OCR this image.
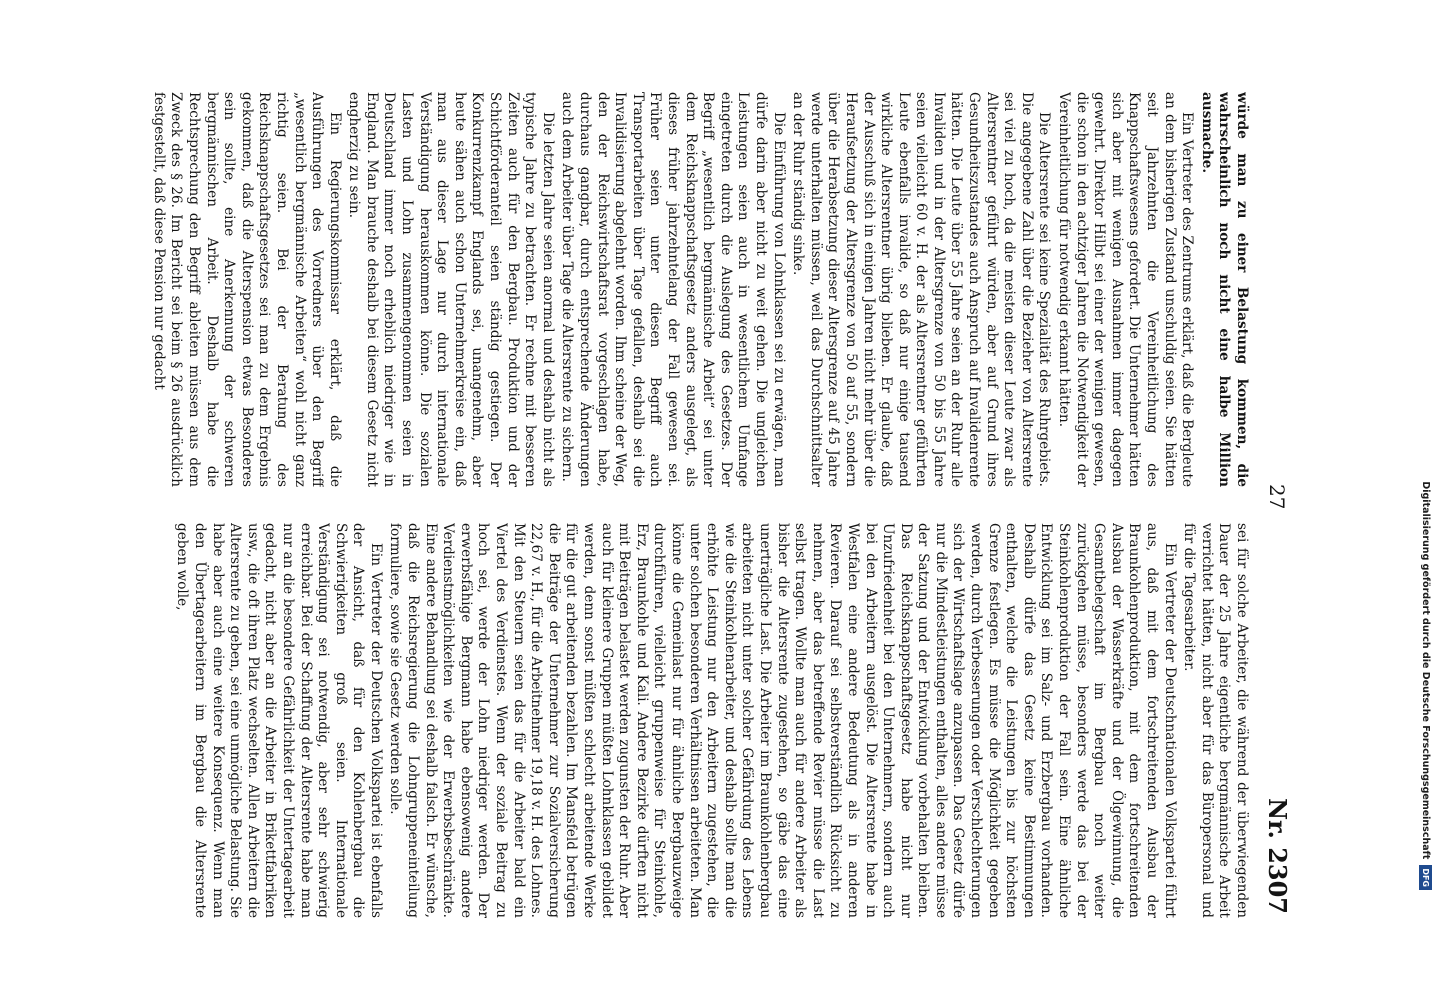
27
Nr. 2307

würde man zu einer Belastung kommen, die wahrscheinlich noch nicht eine halbe Million ausmache.

Ein Vertreter des Zentrums erklärt, daß die Bergleute an dem bisherigen Zustand unschuldig seien. Sie hätten seit Jahrzehnten die Vereinheitlichung des Knappschaftswesens gefordert. Die Unternehmer hätten sich aber mit wenigen Ausnahmen immer dagegen gewehrt. Direktor Hilbt sei einer der wenigen gewesen, die schon in den achtziger Jahren die Notwendigkeit der Vereinheitlichung für notwendig erkannt hätten.

Die Altersrente sei keine Spezialität des Ruhrgebiets. Die angegebene Zahl über die Bezieher von Altersrente sei viel zu hoch, da die meisten dieser Leute zwar als Altersrentner geführt würden, aber auf Grund ihres Gesundheitszustandes auch Anspruch auf Invalidenrente hätten. Die Leute über 55 Jahre seien an der Ruhr alle Invaliden und in der Altersgrenze von 50 bis 55 Jahre seien vielleicht 60 v. H. der als Altersrentner geführten Leute ebenfalls invalide, so daß nur einige tausend wirkliche Altersrentner übrig blieben. Er glaube, daß der Ausschuß sich in einigen Jahren nicht mehr über die Heraufsetzung der Altersgrenze von 50 auf 55, sondern über die Herabsetzung dieser Altersgrenze auf 45 Jahre werde unterhalten müssen, weil das Durchschnittsalter an der Ruhr ständig sinke.

Die Einführung von Lohnklassen sei zu erwägen, man dürfe darin aber nicht zu weit gehen. Die ungleichen Leistungen seien auch in wesentlichem Umfange eingetreten durch die Auslegung des Gesetzes. Der Begriff „wesentlich bergmännische Arbeit“ sei unter dem Reichsknappschaftsgesetz anders ausgelegt, als dieses früher jahrzehntelang der Fall gewesen sei. Früher seien unter diesen Begriff auch Transportarbeiten über Tage gefallen, deshalb sei die Invalidisierung abgelehnt worden. Ihm scheine der Weg, den der Reichswirtschaftsrat vorgeschlagen habe, durchaus gangbar, durch entsprechende Änderungen auch dem Arbeiter über Tage die Altersrente zu sichern.

Die letzten Jahre seien anormal und deshalb nicht als typische Jahre zu betrachten. Er rechne mit besseren Zeiten auch für den Bergbau. Produktion und der Schichtförderanteil seien ständig gestiegen. Der Konkurrenzkampf Englands sei, unangenehm, aber heute sähen auch schon Unternehmerkreise ein, daß man aus dieser Lage nur durch internationale Verständigung herauskommen könne. Die sozialen Lasten und Lohn zusammengenommen seien in Deutschland immer noch erheblich niedriger wie in England. Man brauche deshalb bei diesem Gesetz nicht engherzig zu sein.

Ein Regierungskommissar erklärt, daß die Ausführungen des Vorredners über den Begriff „wesentlich bergmännische Arbeiten“ wohl nicht ganz richtig seien. Bei der Beratung des Reichsknappschaftsgesetzes sei man zu dem Ergebnis gekommen, daß die Alterspension etwas Besonderes sein sollte, eine Anerkennung der schweren bergmännischen Arbeit. Deshalb habe die Rechtsprechung den Begriff ableiten müssen aus dem Zweck des § 26. Im Bericht sei beim § 26 ausdrücklich festgestellt, daß diese Pension nur gedacht

sei für solche Arbeiter, die während der überwiegenden Dauer der 25 Jahre eigentliche bergmännische Arbeit verrichtet hätten, nicht aber für das Büropersonal und für die Tagesarbeiter.

Ein Vertreter der Deutschnationalen Volkspartei führt aus, daß mit dem fortschreitenden Ausbau der Braunkohlenproduktion, mit dem fortschreitenden Ausbau der Wasserkräfte und der Ölgewinnung, die Gesamtbelegschaft im Bergbau noch weiter zurückgehen müsse, besonders werde das bei der Steinkohlenproduktion der Fall sein. Eine ähnliche Entwicklung sei im Salz- und Erzbergbau vorhanden. Deshalb dürfe das Gesetz keine Bestimmungen enthalten, welche die Leistungen bis zur höchsten Grenze festlegen. Es müsse die Möglichkeit gegeben werden, durch Verbesserungen oder Verschlechterungen sich der Wirtschaftslage anzupassen. Das Gesetz dürfe nur die Mindestleistungen enthalten, alles andere müsse der Satzung und der Entwicklung vorbehalten bleiben. Das Reichsknappschaftsgesetz habe nicht nur Unzufriedenheit bei den Unternehmern, sondern auch bei den Arbeitern ausgelöst. Die Altersrente habe in Westfalen eine andere Bedeutung als in anderen Revieren. Darauf sei selbstverständlich Rücksicht zu nehmen, aber das betreffende Revier müsse die Last selbst tragen. Wollte man auch für andere Arbeiter als bisher die Altersrente zugestehen, so gäbe das eine unerträgliche Last. Die Arbeiter im Braunkohlenbergbau arbeiteten nicht unter solcher Gefährdung des Lebens wie die Steinkohlenarbeiter, und deshalb sollte man die erhöhte Leistung nur den Arbeitern zugestehen, die unter solchen besonderen Verhältnissen arbeiteten. Man könne die Gemeinlast nur für ähnliche Bergbauzweige durchführen, vielleicht gruppenweise für Steinkohle, Erz, Braunkohle und Kali. Andere Bezirke dürften nicht mit Beiträgen belastet werden zugunsten der Ruhr. Aber auch für kleinere Gruppen müßten Lohnklassen gebildet werden, denn sonst müßten schlecht arbeitende Werke für die gut arbeitenden bezahlen. Im Mansfeld betrügen die Beiträge der Unternehmer zur Sozialversicherung 22,67 v. H., für die Arbeitnehmer 19,18 v. H. des Lohnes. Mit den Steuern seien das für die Arbeiter bald ein Viertel des Verdienstes. Wenn der soziale Beitrag zu hoch sei, werde der Lohn niedriger werden. Der erwerbsfähige Bergmann habe ebensowenig andere Verdienstmöglichkeiten wie der Erwerbsbeschränkte. Eine andere Behandlung sei deshalb falsch. Er wünsche, daß die Reichsregierung die Lohngruppeneinteilung formuliere, sowie sie Gesetz werden solle.

Ein Vertreter der Deutschen Volkspartei ist ebenfalls der Ansicht, daß für den Kohlenbergbau die Schwierigkeiten groß seien. Internationale Verständigung sei notwendig, aber sehr schwierig erreichbar. Bei der Schaffung der Altersrente habe man nur an die besondere Gefährlichkeit der Untertagearbeit gedacht, nicht aber an die Arbeiter in Brikettfabriken usw., die oft ihren Platz wechselten. Allen Arbeitern die Altersrente zu geben, sei eine unmögliche Belastung. Sie habe aber auch eine weitere Konsequenz. Wenn man den Übertagearbeitern im Bergbau die Altersrente geben wolle,	Digitalisierung gefördert durch die Deutsche Forschungsgemeinschaft
DFG
